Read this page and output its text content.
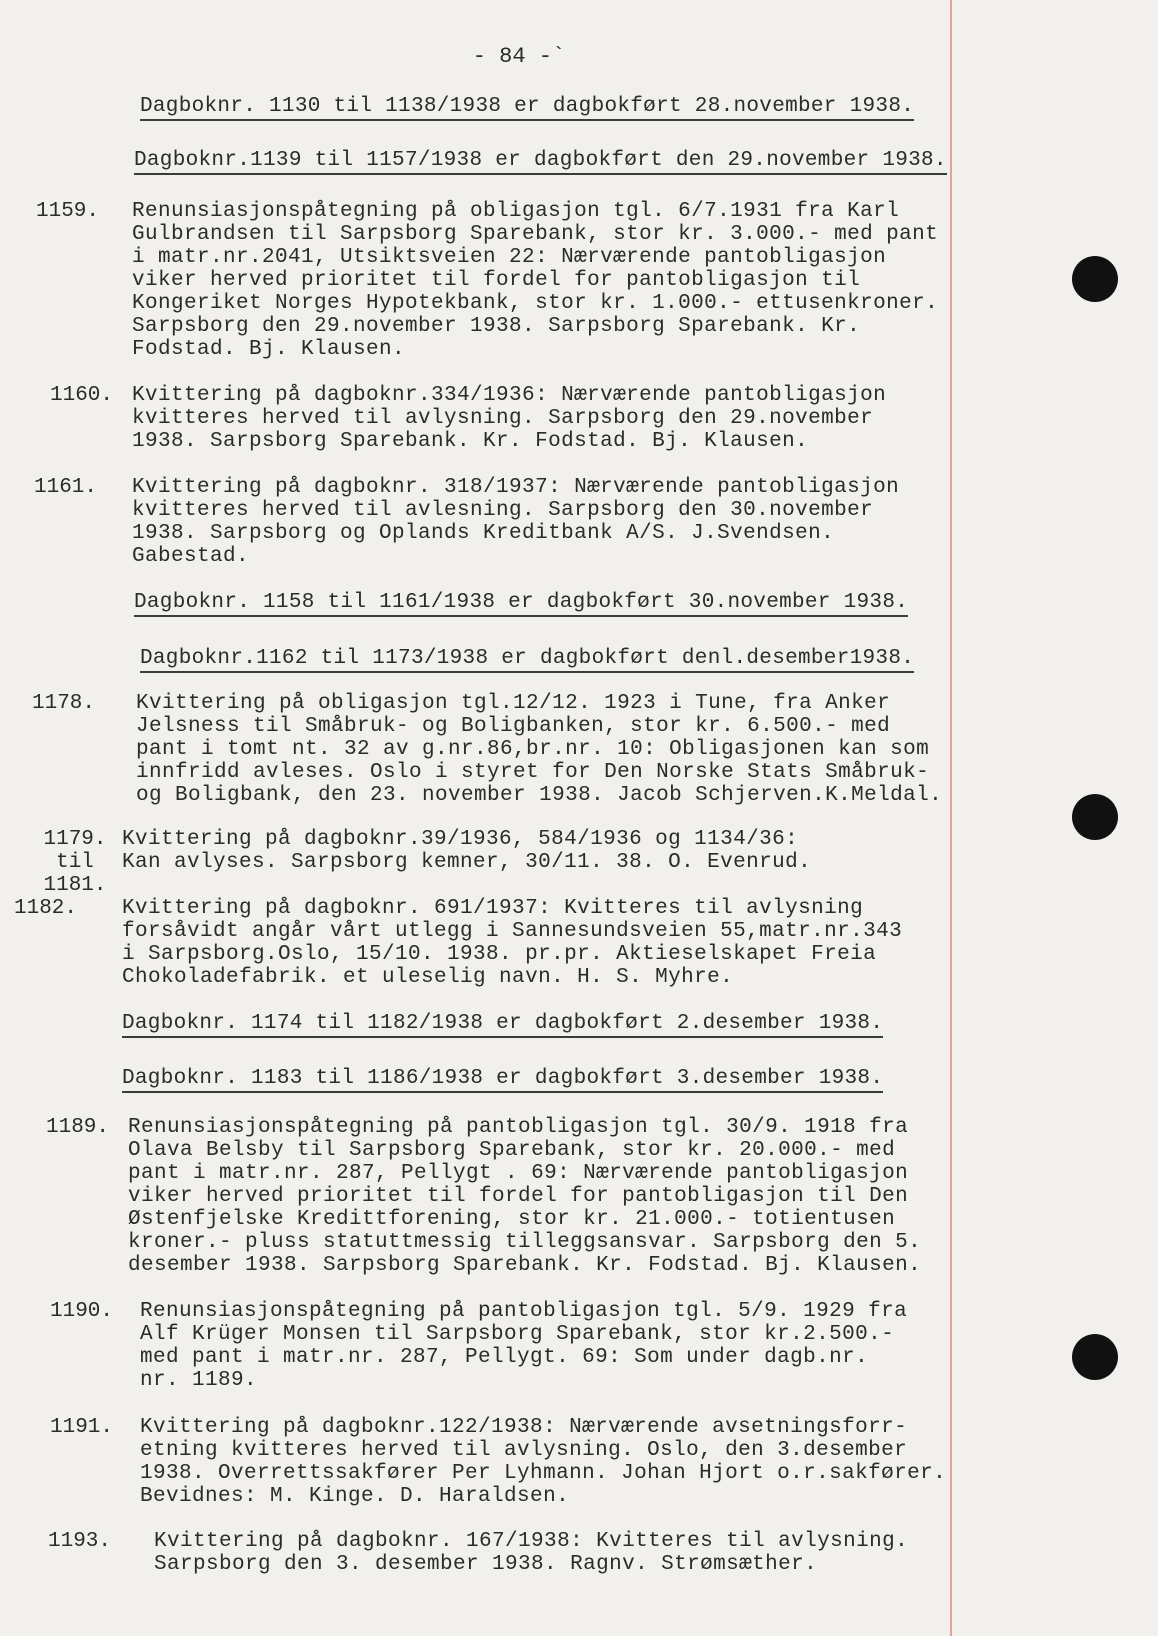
- 84 -`
Dagboknr. 1130 til 1138/1938 er dagbokført 28.november 1938.
Dagboknr.1139 til 1157/1938 er dagbokført den 29.november 1938.
1159. Renunsiasjonspåtegning på obligasjon tgl. 6/7.1931 fra Karl
Gulbrandsen til Sarpsborg Sparebank, stor kr. 3.000.- med pant
i matr.nr.2041, Utsiktsveien 22: Nærværende pantobligasjon
viker herved prioritet til fordel for pantobligasjon til
Kongeriket Norges Hypotekbank, stor kr. 1.000.- ettusenkroner.
Sarpsborg den 29.november 1938. Sarpsborg Sparebank. Kr.
Fodstad. Bj. Klausen.
1160. Kvittering på dagboknr.334/1936: Nærværende pantobligasjon
kvitteres herved til avlysning. Sarpsborg den 29.november
1938. Sarpsborg Sparebank. Kr. Fodstad. Bj. Klausen.
1161. Kvittering på dagboknr. 318/1937: Nærværende pantobligasjon
kvitteres herved til avlesning. Sarpsborg den 30.november
1938. Sarpsborg og Oplands Kreditbank A/S. J.Svendsen.
Gabestad.
Dagboknr. 1158 til 1161/1938 er dagbokført 30.november 1938.
Dagboknr.1162 til 1173/1938 er dagbokført denl.desember1938.
1178. Kvittering på obligasjon tgl.12/12. 1923 i Tune, fra Anker
Jelsness til Småbruk- og Boligbanken, stor kr. 6.500.- med
pant i tomt nt. 32 av g.nr.86,br.nr. 10: Obligasjonen kan som
innfridd avleses. Oslo i styret for Den Norske Stats Småbruk-
og Boligbank, den 23. november 1938. Jacob Schjerven.K.Meldal.
1179.
til
1181.
Kvittering på dagboknr.39/1936, 584/1936 og 1134/36:
Kan avlyses. Sarpsborg kemner, 30/11. 38. O. Evenrud.
1182. Kvittering på dagboknr. 691/1937: Kvitteres til avlysning
forsåvidt angår vårt utlegg i Sannesundsveien 55,matr.nr.343
i Sarpsborg.Oslo, 15/10. 1938. pr.pr. Aktieselskapet Freia
Chokoladefabrik. et uleselig navn. H. S. Myhre.
Dagboknr. 1174 til 1182/1938 er dagbokført 2.desember 1938.
Dagboknr. 1183 til 1186/1938 er dagbokført 3.desember 1938.
1189. Renunsiasjonspåtegning på pantobligasjon tgl. 30/9. 1918 fra
Olava Belsby til Sarpsborg Sparebank, stor kr. 20.000.- med
pant i matr.nr. 287, Pellygt . 69: Nærværende pantobligasjon
viker herved prioritet til fordel for pantobligasjon til Den
Østenfjelske Kredittforening, stor kr. 21.000.- totientusen
kroner.- pluss statuttmessig tilleggsansvar. Sarpsborg den 5.
desember 1938. Sarpsborg Sparebank. Kr. Fodstad. Bj. Klausen.
1190. Renunsiasjonspåtegning på pantobligasjon tgl. 5/9. 1929 fra
Alf Krüger Monsen til Sarpsborg Sparebank, stor kr.2.500.-
med pant i matr.nr. 287, Pellygt. 69: Som under dagb.nr.
nr. 1189.
1191. Kvittering på dagboknr.122/1938: Nærværende avsetningsforr-
etning kvitteres herved til avlysning. Oslo, den 3.desember
1938. Overrettssakfører Per Lyhmann. Johan Hjort o.r.sakfører.
Bevidnes: M. Kinge. D. Haraldsen.
1193. Kvittering på dagboknr. 167/1938: Kvitteres til avlysning.
Sarpsborg den 3. desember 1938. Ragnv. Strømsæther.
